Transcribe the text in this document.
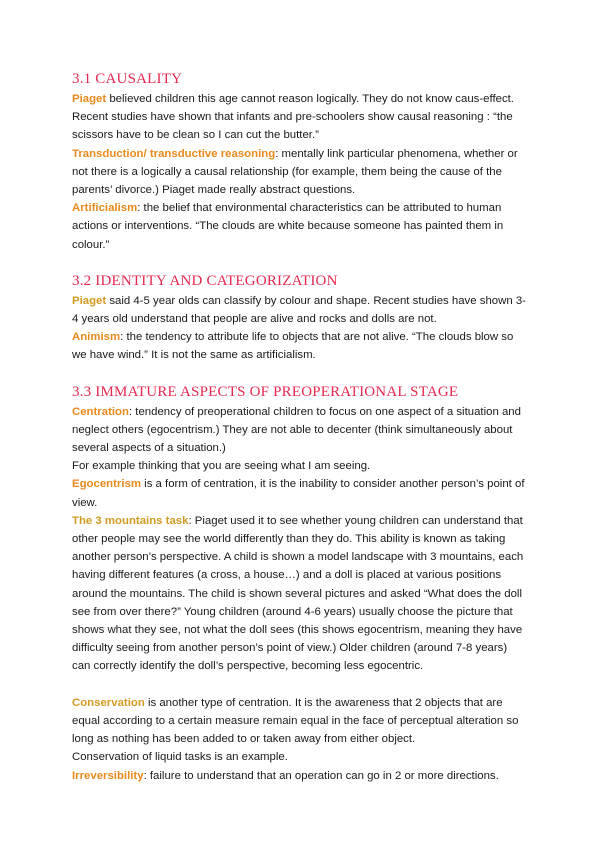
3.1 CAUSALITY

Piaget believed children this age cannot reason logically. They do not know caus-effect. Recent studies have shown that infants and pre-schoolers show causal reasoning : “the scissors have to be clean so I can cut the butter.”

Transduction/ transductive reasoning: mentally link particular phenomena, whether or not there is a logically a causal relationship (for example, them being the cause of the parents’ divorce.) Piaget made really abstract questions.

Artificialism: the belief that environmental characteristics can be attributed to human actions or interventions. “The clouds are white because someone has painted them in colour.”

3.2 IDENTITY AND CATEGORIZATION

Piaget said 4-5 year olds can classify by colour and shape. Recent studies have shown 3-4 years old understand that people are alive and rocks and dolls are not.

Animism: the tendency to attribute life to objects that are not alive. “The clouds blow so we have wind.” It is not the same as artificialism.

3.3 IMMATURE ASPECTS OF PREOPERATIONAL STAGE

Centration: tendency of preoperational children to focus on one aspect of a situation and neglect others (egocentrism.) They are not able to decenter (think simultaneously about several aspects of a situation.)

For example thinking that you are seeing what I am seeing.

Egocentrism is a form of centration, it is the inability to consider another person’s point of view.

The 3 mountains task: Piaget used it to see whether young children can understand that other people may see the world differently than they do. This ability is known as taking another person’s perspective. A child is shown a model landscape with 3 mountains, each having different features (a cross, a house…) and a doll is placed at various positions around the mountains. The child is shown several pictures and asked “What does the doll see from over there?” Young children (around 4-6 years) usually choose the picture that shows what they see, not what the doll sees (this shows egocentrism, meaning they have difficulty seeing from another person’s point of view.) Older children (around 7-8 years) can correctly identify the doll’s perspective, becoming less egocentric.

Conservation is another type of centration. It is the awareness that 2 objects that are equal according to a certain measure remain equal in the face of perceptual alteration so long as nothing has been added to or taken away from either object.

Conservation of liquid tasks is an example.

Irreversibility: failure to understand that an operation can go in 2 or more directions.
